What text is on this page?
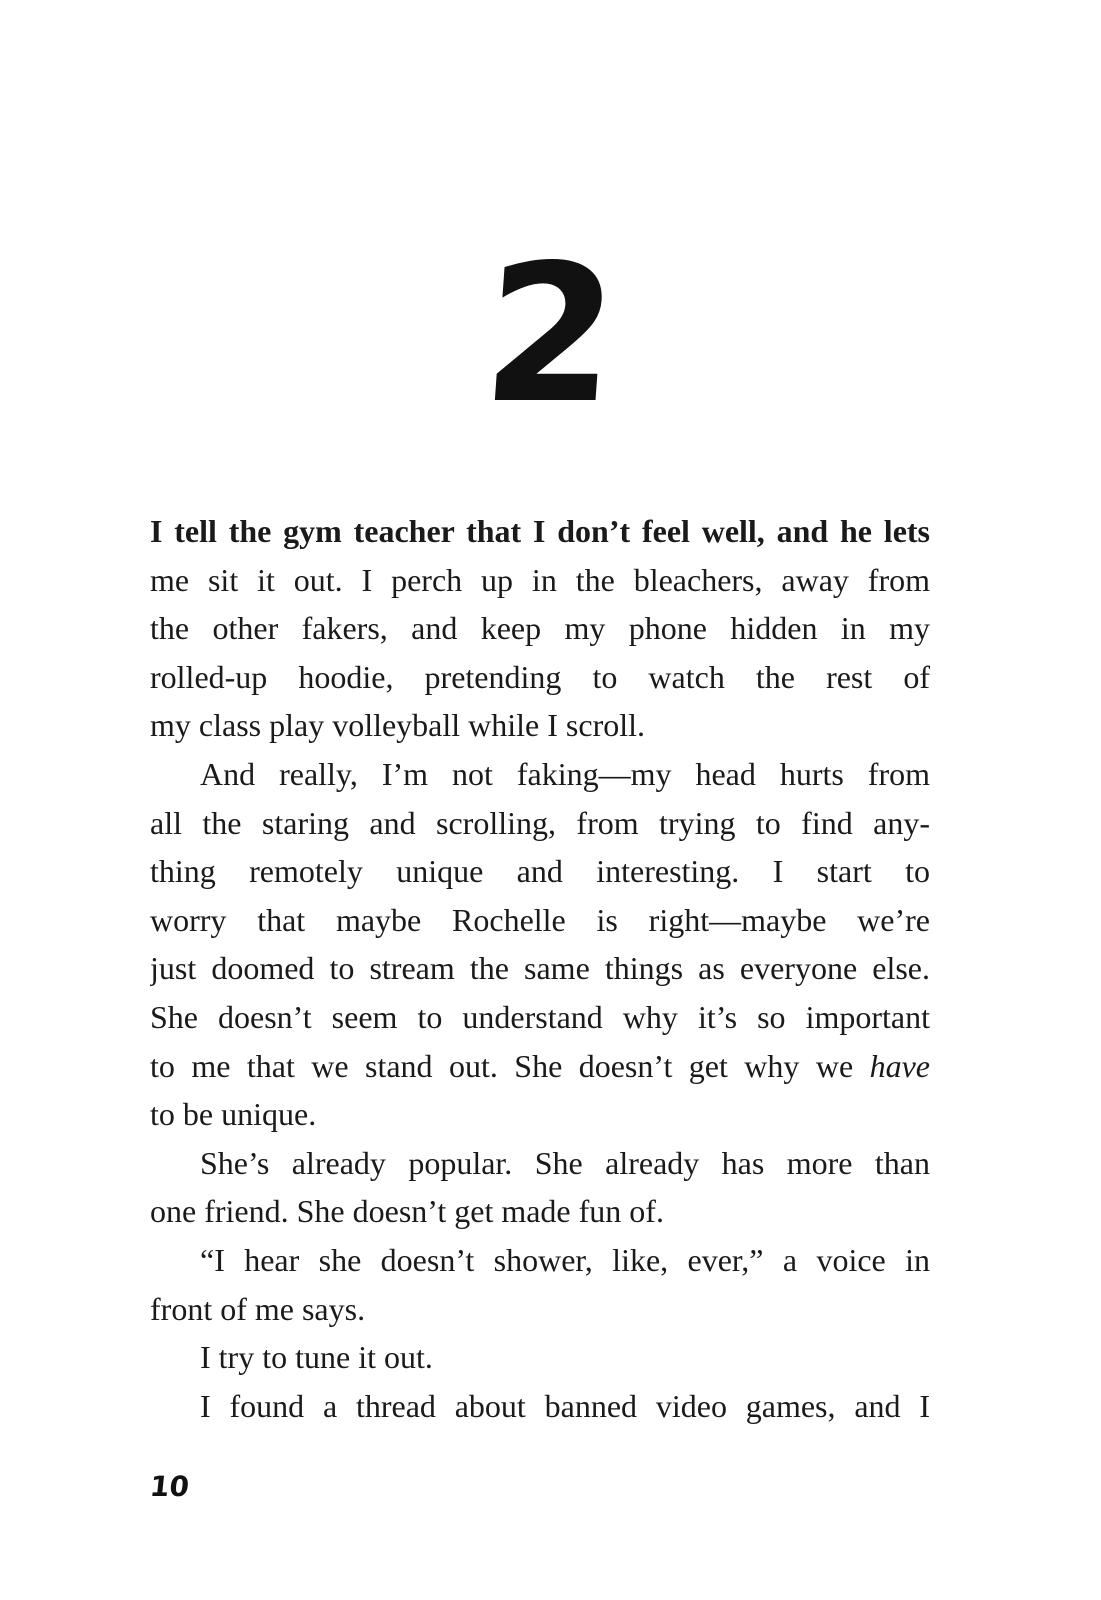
2
I tell the gym teacher that I don’t feel well, and he lets
me sit it out. I perch up in the bleachers, away from
the other fakers, and keep my phone hidden in my
rolled-up hoodie, pretending to watch the rest of
my class play volleyball while I scroll.
And really, I’m not faking—my head hurts from
all the staring and scrolling, from trying to find any-
thing remotely unique and interesting. I start to
worry that maybe Rochelle is right—maybe we’re
just doomed to stream the same things as everyone else.
She doesn’t seem to understand why it’s so important
to me that we stand out. She doesn’t get why we have
to be unique.
She’s already popular. She already has more than
one friend. She doesn’t get made fun of.
“I hear she doesn’t shower, like, ever,” a voice in
front of me says.
I try to tune it out.
I found a thread about banned video games, and I
10
